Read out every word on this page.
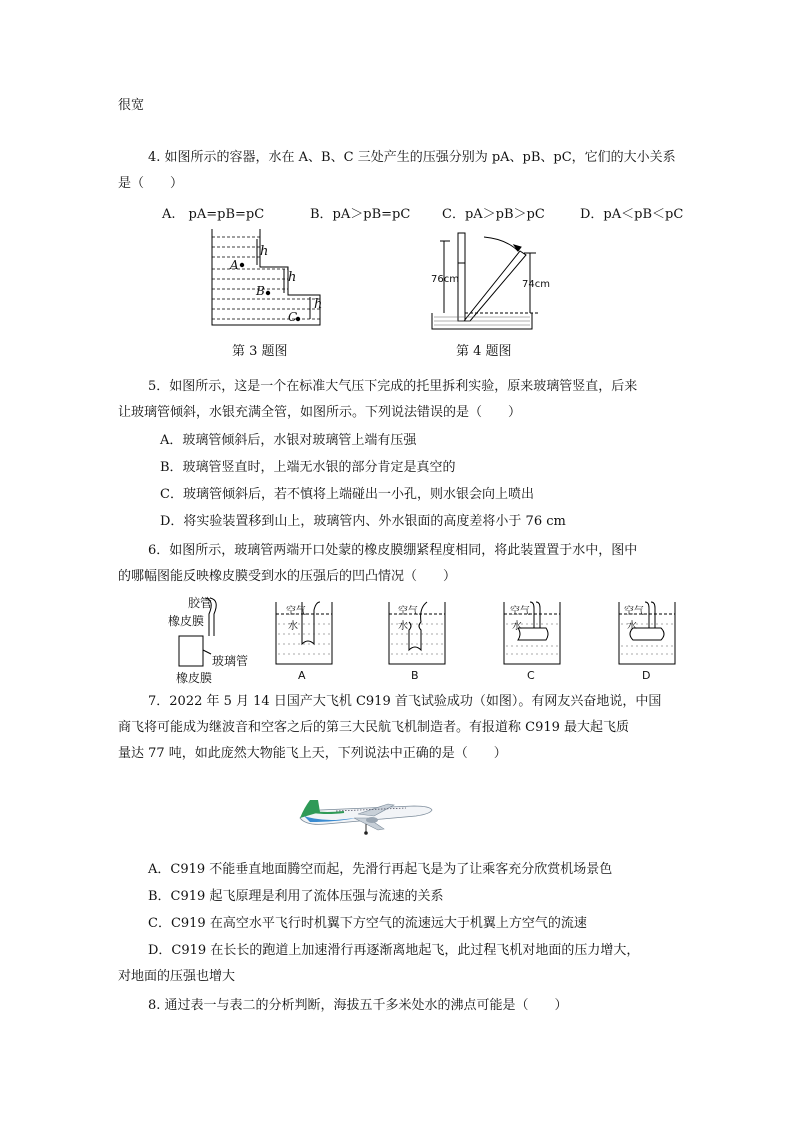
很宽
4. 如图所示的容器，水在 A、B、C 三处产生的压强分别为 pA、pB、pC，它们的大小关系
是（　　）
A.　pA=pB=pC	B．pA＞pB=pC C．pA＞pB＞pC	D．pA＜pB＜pC
h
h
h
A
B
C
第 3 题图
76cm	74cm
第 4 题图
5．如图所示，这是一个在标准大气压下完成的托里拆利实验，原来玻璃管竖直，后来
让玻璃管倾斜，水银充满全管，如图所示。下列说法错误的是（　　）
A．玻璃管倾斜后，水银对玻璃管上端有压强
B．玻璃管竖直时，上端无水银的部分肯定是真空的
C．玻璃管倾斜后，若不慎将上端碰出一小孔，则水银会向上喷出
D．将实验装置移到山上，玻璃管内、外水银面的高度差将小于 76 cm
6．如图所示，玻璃管两端开口处蒙的橡皮膜绷紧程度相同，将此装置置于水中，图中
的哪幅图能反映橡皮膜受到水的压强后的凹凸情况（　　）
胶管
橡皮膜
玻璃管
橡皮膜
空气
水
A
空气
水
B
空气
水
C
空气
水
D
7．2022 年 5 月 14 日国产大飞机 C919 首飞试验成功（如图）。有网友兴奋地说，中国
商飞将可能成为继波音和空客之后的第三大民航飞机制造者。有报道称 C919 最大起飞质
量达 77 吨，如此庞然大物能飞上天，下列说法中正确的是（　　）
A．C919 不能垂直地面腾空而起，先滑行再起飞是为了让乘客充分欣赏机场景色
B．C919 起飞原理是利用了流体压强与流速的关系
C．C919 在高空水平飞行时机翼下方空气的流速远大于机翼上方空气的流速
D．C919 在长长的跑道上加速滑行再逐渐离地起飞，此过程飞机对地面的压力增大，
对地面的压强也增大
8. 通过表一与表二的分析判断，海拔五千多米处水的沸点可能是（　　）
